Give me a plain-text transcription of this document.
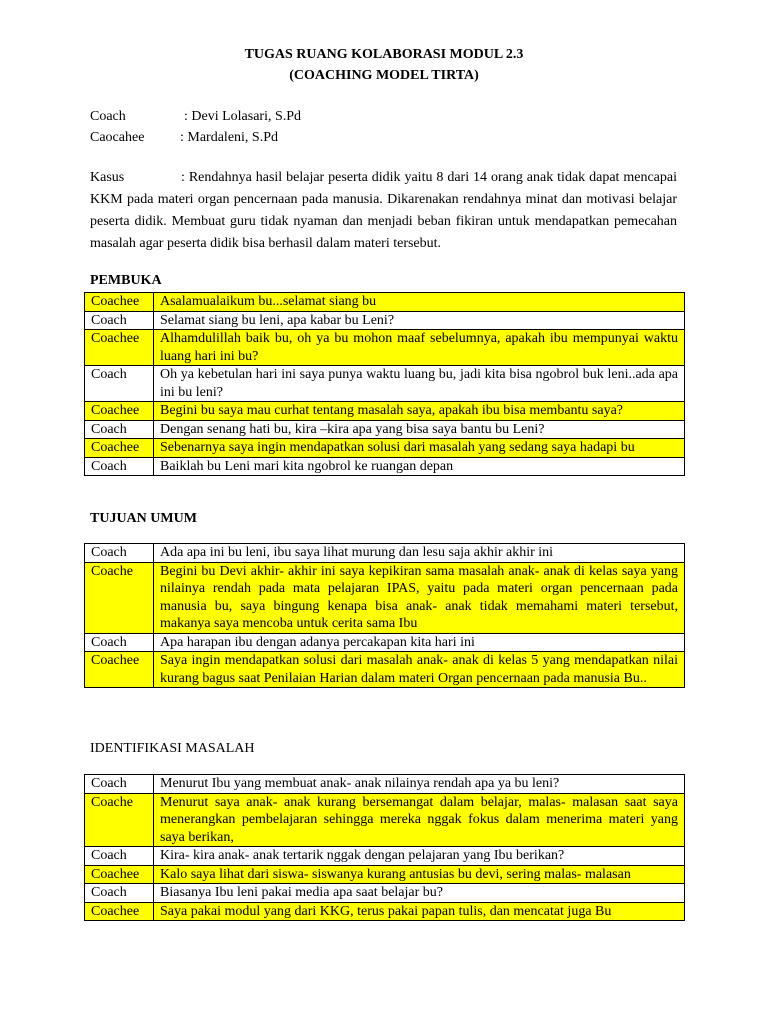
TUGAS RUANG KOLABORASI MODUL 2.3
(COACHING MODEL TIRTA)
Coach	: Devi Lolasari, S.Pd
Caocahee	: Mardaleni, S.Pd
Kasus	: Rendahnya hasil belajar peserta didik yaitu 8 dari 14 orang anak tidak dapat mencapai KKM pada materi organ pencernaan pada manusia. Dikarenakan rendahnya minat dan motivasi belajar peserta didik. Membuat guru tidak nyaman dan menjadi beban fikiran untuk mendapatkan pemecahan masalah agar peserta didik bisa berhasil dalam materi tersebut.
PEMBUKA
Coachee	Asalamualaikum bu...selamat siang bu
Coach	Selamat siang bu leni, apa kabar bu Leni?
Coachee	Alhamdulillah baik bu, oh ya bu mohon maaf sebelumnya, apakah ibu mempunyai waktu luang hari ini bu?
Coach	Oh ya kebetulan hari ini saya punya waktu luang bu, jadi kita bisa ngobrol buk leni..ada apa ini bu leni?
Coachee	Begini bu saya mau curhat tentang masalah saya, apakah ibu bisa membantu saya?
Coach	Dengan senang hati bu, kira –kira apa yang bisa saya bantu bu Leni?
Coachee	Sebenarnya saya ingin mendapatkan solusi dari masalah yang sedang saya hadapi bu
Coach	Baiklah bu Leni mari kita ngobrol ke ruangan depan
TUJUAN UMUM
Coach	Ada apa ini bu leni, ibu saya lihat murung dan lesu saja akhir akhir ini
Coache	Begini bu Devi akhir- akhir ini saya kepikiran sama masalah anak- anak di kelas saya yang nilainya rendah pada mata pelajaran IPAS, yaitu pada materi organ pencernaan pada manusia bu, saya bingung kenapa bisa anak- anak tidak memahami materi tersebut, makanya saya mencoba untuk cerita sama Ibu
Coach	Apa harapan ibu dengan adanya percakapan kita hari ini
Coachee	Saya ingin mendapatkan solusi dari masalah anak- anak di kelas 5 yang mendapatkan nilai kurang bagus saat Penilaian Harian dalam materi Organ pencernaan pada manusia Bu..
IDENTIFIKASI MASALAH
Coach	Menurut Ibu yang membuat anak- anak nilainya rendah apa ya bu leni?
Coache	Menurut saya anak- anak kurang bersemangat dalam belajar, malas- malasan saat saya menerangkan pembelajaran sehingga mereka nggak fokus dalam menerima materi yang saya berikan,
Coach	Kira- kira anak- anak tertarik nggak dengan pelajaran yang Ibu berikan?
Coachee	Kalo saya lihat dari siswa- siswanya kurang antusias bu devi, sering malas- malasan
Coach	Biasanya Ibu leni pakai media apa saat belajar bu?
Coachee	Saya pakai modul yang dari KKG, terus pakai papan tulis, dan mencatat juga Bu
